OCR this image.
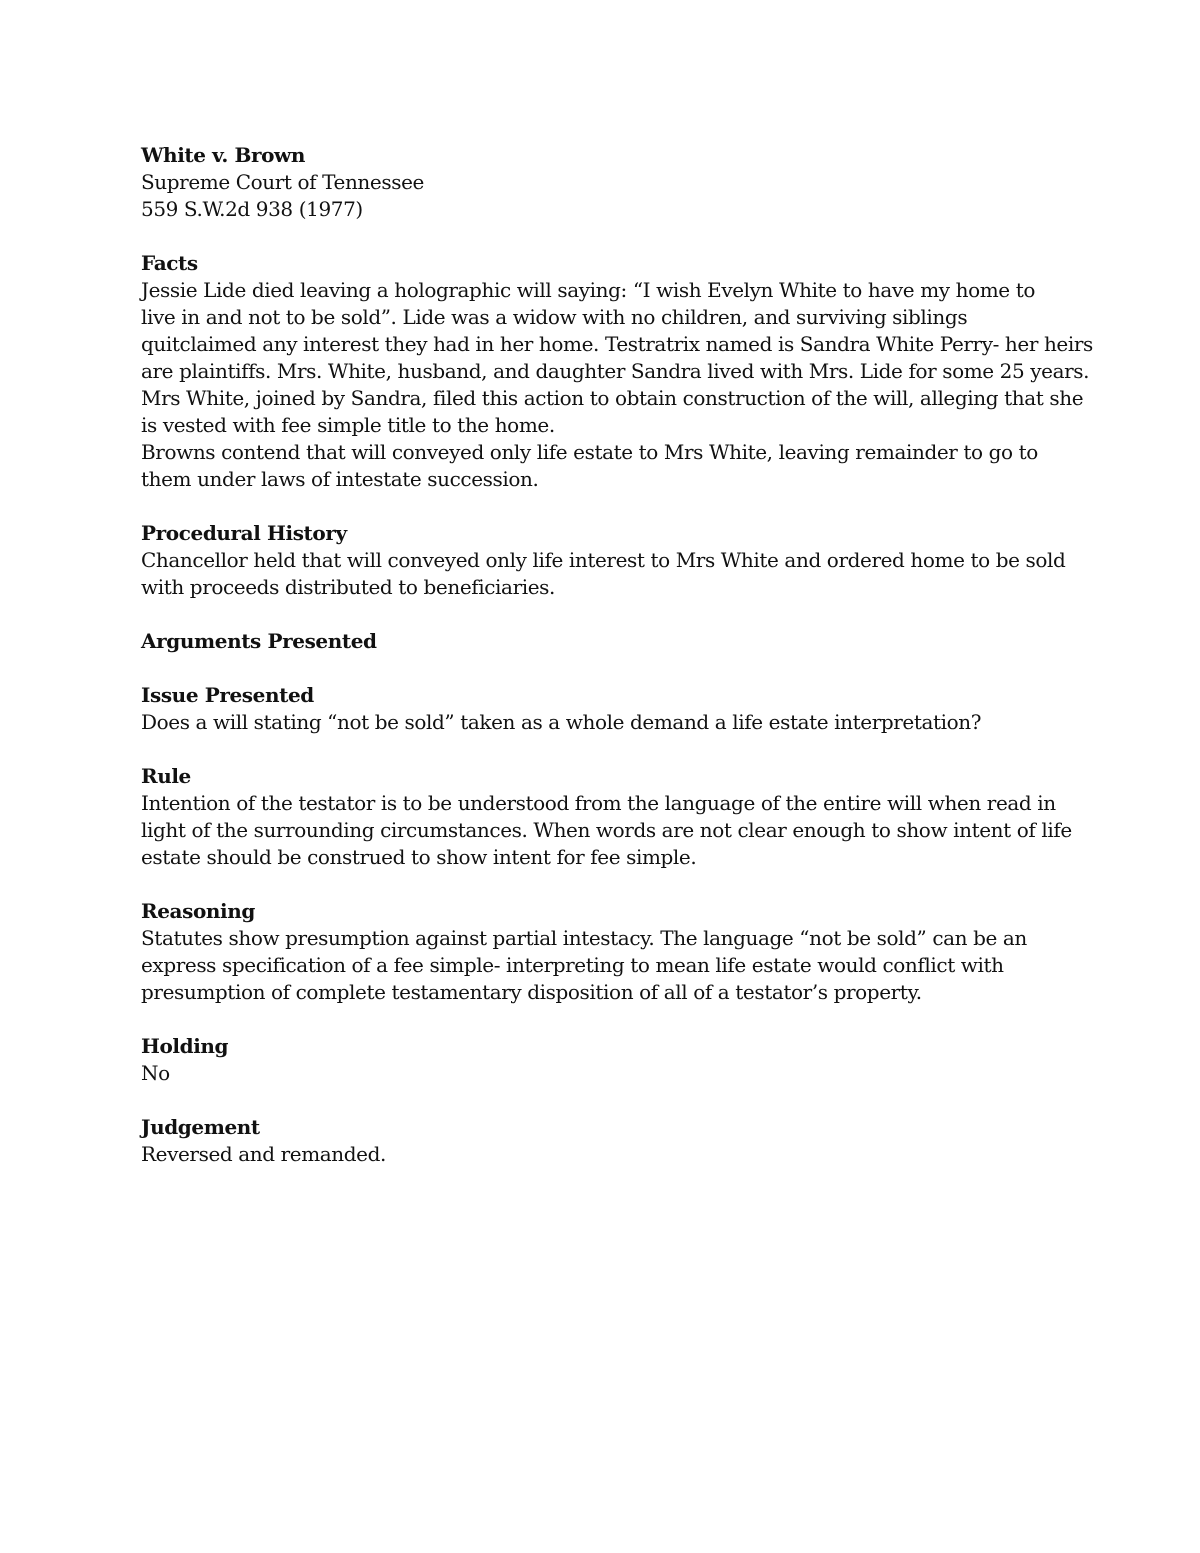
White v. Brown
Supreme Court of Tennessee
559 S.W.2d 938 (1977)
Facts
Jessie Lide died leaving a holographic will saying: “I wish Evelyn White to have my home to
live in and not to be sold”. Lide was a widow with no children, and surviving siblings
quitclaimed any interest they had in her home. Testratrix named is Sandra White Perry- her heirs
are plaintiffs. Mrs. White, husband, and daughter Sandra lived with Mrs. Lide for some 25 years.
Mrs White, joined by Sandra, filed this action to obtain construction of the will, alleging that she
is vested with fee simple title to the home.
Browns contend that will conveyed only life estate to Mrs White, leaving remainder to go to
them under laws of intestate succession.
Procedural History
Chancellor held that will conveyed only life interest to Mrs White and ordered home to be sold
with proceeds distributed to beneficiaries.
Arguments Presented
Issue Presented
Does a will stating “not be sold” taken as a whole demand a life estate interpretation?
Rule
Intention of the testator is to be understood from the language of the entire will when read in
light of the surrounding circumstances. When words are not clear enough to show intent of life
estate should be construed to show intent for fee simple.
Reasoning
Statutes show presumption against partial intestacy. The language “not be sold” can be an
express specification of a fee simple- interpreting to mean life estate would conflict with
presumption of complete testamentary disposition of all of a testator’s property.
Holding
No
Judgement
Reversed and remanded.
